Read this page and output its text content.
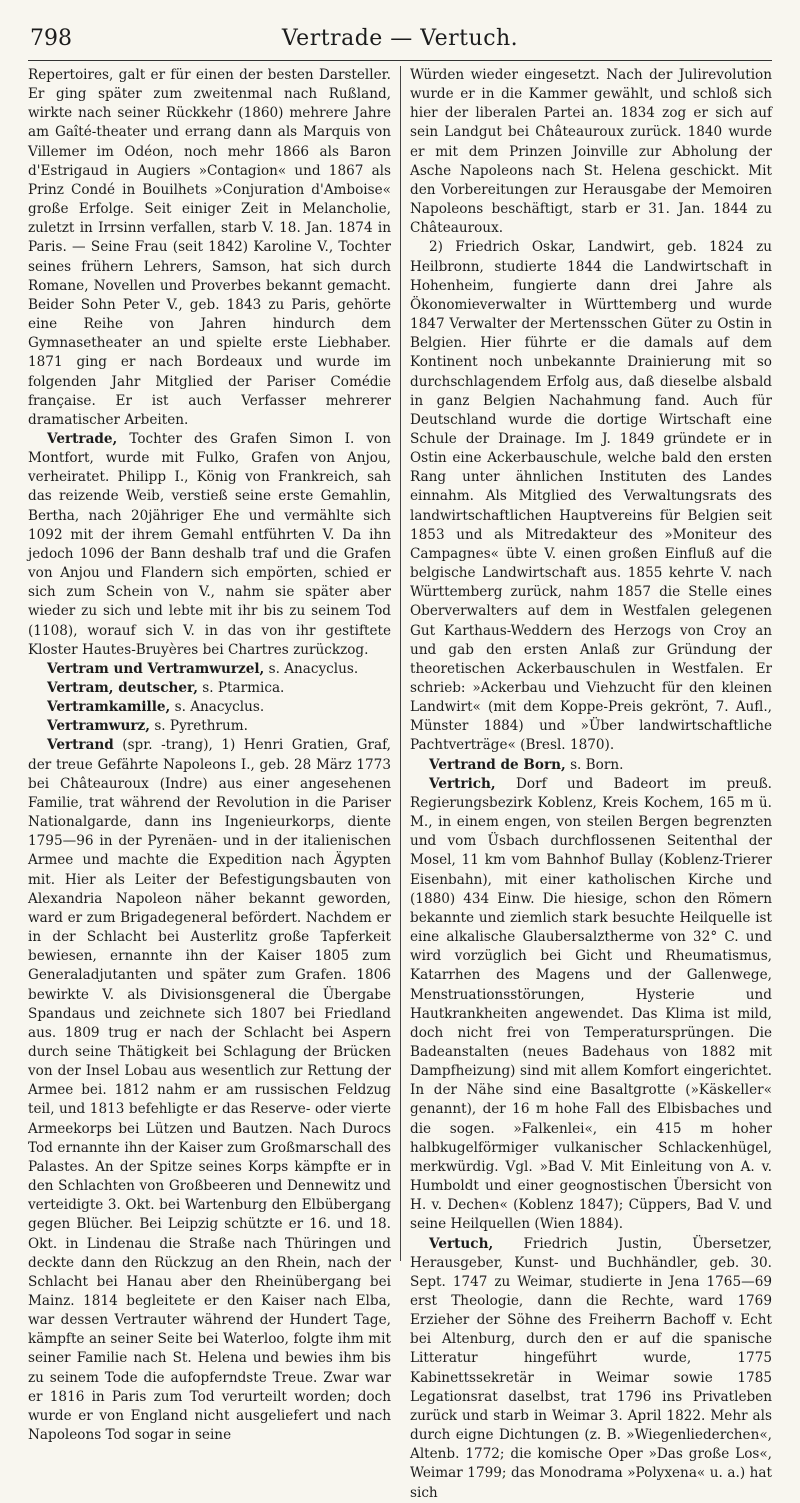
798	Vertrade — Vertuch.

Repertoires, galt er für einen der besten Darsteller. Er ging später zum zweitenmal nach Rußland, wirkte nach seiner Rückkehr (1860) mehrere Jahre am Gaîté-theater und errang dann als Marquis von Villemer im Odéon, noch mehr 1866 als Baron d'Estrigaud in Augiers »Contagion« und 1867 als Prinz Condé in Bouilhets »Conjuration d'Amboise« große Erfolge. Seit einiger Zeit in Melancholie, zuletzt in Irrsinn verfallen, starb V. 18. Jan. 1874 in Paris. — Seine Frau (seit 1842) Karoline V., Tochter seines frühern Lehrers, Samson, hat sich durch Romane, Novellen und Proverbes bekannt gemacht. Beider Sohn Peter V., geb. 1843 zu Paris, gehörte eine Reihe von Jahren hindurch dem Gymnasetheater an und spielte erste Liebhaber. 1871 ging er nach Bordeaux und wurde im folgenden Jahr Mitglied der Pariser Comédie française. Er ist auch Verfasser mehrerer dramatischer Arbeiten.

Vertrade, Tochter des Grafen Simon I. von Montfort, wurde mit Fulko, Grafen von Anjou, verheiratet. Philipp I., König von Frankreich, sah das reizende Weib, verstieß seine erste Gemahlin, Bertha, nach 20jähriger Ehe und vermählte sich 1092 mit der ihrem Gemahl entführten V. Da ihn jedoch 1096 der Bann deshalb traf und die Grafen von Anjou und Flandern sich empörten, schied er sich zum Schein von V., nahm sie später aber wieder zu sich und lebte mit ihr bis zu seinem Tod (1108), worauf sich V. in das von ihr gestiftete Kloster Hautes-Bruyères bei Chartres zurückzog.

Vertram und Vertramwurzel, s. Anacyclus.

Vertram, deutscher, s. Ptarmica.

Vertramkamille, s. Anacyclus.

Vertramwurz, s. Pyrethrum.

Vertrand (spr. -trang), 1) Henri Gratien, Graf, der treue Gefährte Napoleons I., geb. 28 März 1773 bei Châteauroux (Indre) aus einer angesehenen Familie, trat während der Revolution in die Pariser Nationalgarde, dann ins Ingenieurkorps, diente 1795—96 in der Pyrenäen- und in der italienischen Armee und machte die Expedition nach Ägypten mit. Hier als Leiter der Befestigungsbauten von Alexandria Napoleon näher bekannt geworden, ward er zum Brigadegeneral befördert. Nachdem er in der Schlacht bei Austerlitz große Tapferkeit bewiesen, ernannte ihn der Kaiser 1805 zum Generaladjutanten und später zum Grafen. 1806 bewirkte V. als Divisionsgeneral die Übergabe Spandaus und zeichnete sich 1807 bei Friedland aus. 1809 trug er nach der Schlacht bei Aspern durch seine Thätigkeit bei Schlagung der Brücken von der Insel Lobau aus wesentlich zur Rettung der Armee bei. 1812 nahm er am russischen Feldzug teil, und 1813 befehligte er das Reserve- oder vierte Armeekorps bei Lützen und Bautzen. Nach Durocs Tod ernannte ihn der Kaiser zum Großmarschall des Palastes. An der Spitze seines Korps kämpfte er in den Schlachten von Großbeeren und Dennewitz und verteidigte 3. Okt. bei Wartenburg den Elbübergang gegen Blücher. Bei Leipzig schützte er 16. und 18. Okt. in Lindenau die Straße nach Thüringen und deckte dann den Rückzug an den Rhein, nach der Schlacht bei Hanau aber den Rheinübergang bei Mainz. 1814 begleitete er den Kaiser nach Elba, war dessen Vertrauter während der Hundert Tage, kämpfte an seiner Seite bei Waterloo, folgte ihm mit seiner Familie nach St. Helena und bewies ihm bis zu seinem Tode die aufopferndste Treue. Zwar war er 1816 in Paris zum Tod verurteilt worden; doch wurde er von England nicht ausgeliefert und nach Napoleons Tod sogar in seine

Würden wieder eingesetzt. Nach der Julirevolution wurde er in die Kammer gewählt, und schloß sich hier der liberalen Partei an. 1834 zog er sich auf sein Landgut bei Châteauroux zurück. 1840 wurde er mit dem Prinzen Joinville zur Abholung der Asche Napoleons nach St. Helena geschickt. Mit den Vorbereitungen zur Herausgabe der Memoiren Napoleons beschäftigt, starb er 31. Jan. 1844 zu Châteauroux.

2) Friedrich Oskar, Landwirt, geb. 1824 zu Heilbronn, studierte 1844 die Landwirtschaft in Hohenheim, fungierte dann drei Jahre als Ökonomieverwalter in Württemberg und wurde 1847 Verwalter der Mertensschen Güter zu Ostin in Belgien. Hier führte er die damals auf dem Kontinent noch unbekannte Drainierung mit so durchschlagendem Erfolg aus, daß dieselbe alsbald in ganz Belgien Nachahmung fand. Auch für Deutschland wurde die dortige Wirtschaft eine Schule der Drainage. Im J. 1849 gründete er in Ostin eine Ackerbauschule, welche bald den ersten Rang unter ähnlichen Instituten des Landes einnahm. Als Mitglied des Verwaltungsrats des landwirtschaftlichen Hauptvereins für Belgien seit 1853 und als Mitredakteur des »Moniteur des Campagnes« übte V. einen großen Einfluß auf die belgische Landwirtschaft aus. 1855 kehrte V. nach Württemberg zurück, nahm 1857 die Stelle eines Oberverwalters auf dem in Westfalen gelegenen Gut Karthaus-Weddern des Herzogs von Croy an und gab den ersten Anlaß zur Gründung der theoretischen Ackerbauschulen in Westfalen. Er schrieb: »Ackerbau und Viehzucht für den kleinen Landwirt« (mit dem Koppe-Preis gekrönt, 7. Aufl., Münster 1884) und »Über landwirtschaftliche Pachtverträge« (Bresl. 1870).

Vertrand de Born, s. Born.

Vertrich, Dorf und Badeort im preuß. Regierungsbezirk Koblenz, Kreis Kochem, 165 m ü. M., in einem engen, von steilen Bergen begrenzten und vom Üsbach durchflossenen Seitenthal der Mosel, 11 km vom Bahnhof Bullay (Koblenz-Trierer Eisenbahn), mit einer katholischen Kirche und (1880) 434 Einw. Die hiesige, schon den Römern bekannte und ziemlich stark besuchte Heilquelle ist eine alkalische Glaubersalztherme von 32° C. und wird vorzüglich bei Gicht und Rheumatismus, Katarrhen des Magens und der Gallenwege, Menstruationsstörungen, Hysterie und Hautkrankheiten angewendet. Das Klima ist mild, doch nicht frei von Temperatursprüngen. Die Badeanstalten (neues Badehaus von 1882 mit Dampfheizung) sind mit allem Komfort eingerichtet. In der Nähe sind eine Basaltgrotte (»Käskeller« genannt), der 16 m hohe Fall des Elbisbaches und die sogen. »Falkenlei«, ein 415 m hoher halbkugelförmiger vulkanischer Schlackenhügel, merkwürdig. Vgl. »Bad V. Mit Einleitung von A. v. Humboldt und einer geognostischen Übersicht von H. v. Dechen« (Koblenz 1847); Cüppers, Bad V. und seine Heilquellen (Wien 1884).

Vertuch, Friedrich Justin, Übersetzer, Herausgeber, Kunst- und Buchhändler, geb. 30. Sept. 1747 zu Weimar, studierte in Jena 1765—69 erst Theologie, dann die Rechte, ward 1769 Erzieher der Söhne des Freiherrn Bachoff v. Echt bei Altenburg, durch den er auf die spanische Litteratur hingeführt wurde, 1775 Kabinettssekretär in Weimar sowie 1785 Legationsrat daselbst, trat 1796 ins Privatleben zurück und starb in Weimar 3. April 1822. Mehr als durch eigne Dichtungen (z. B. »Wiegenliederchen«, Altenb. 1772; die komische Oper »Das große Los«, Weimar 1799; das Monodrama »Polyxena« u. a.) hat sich
